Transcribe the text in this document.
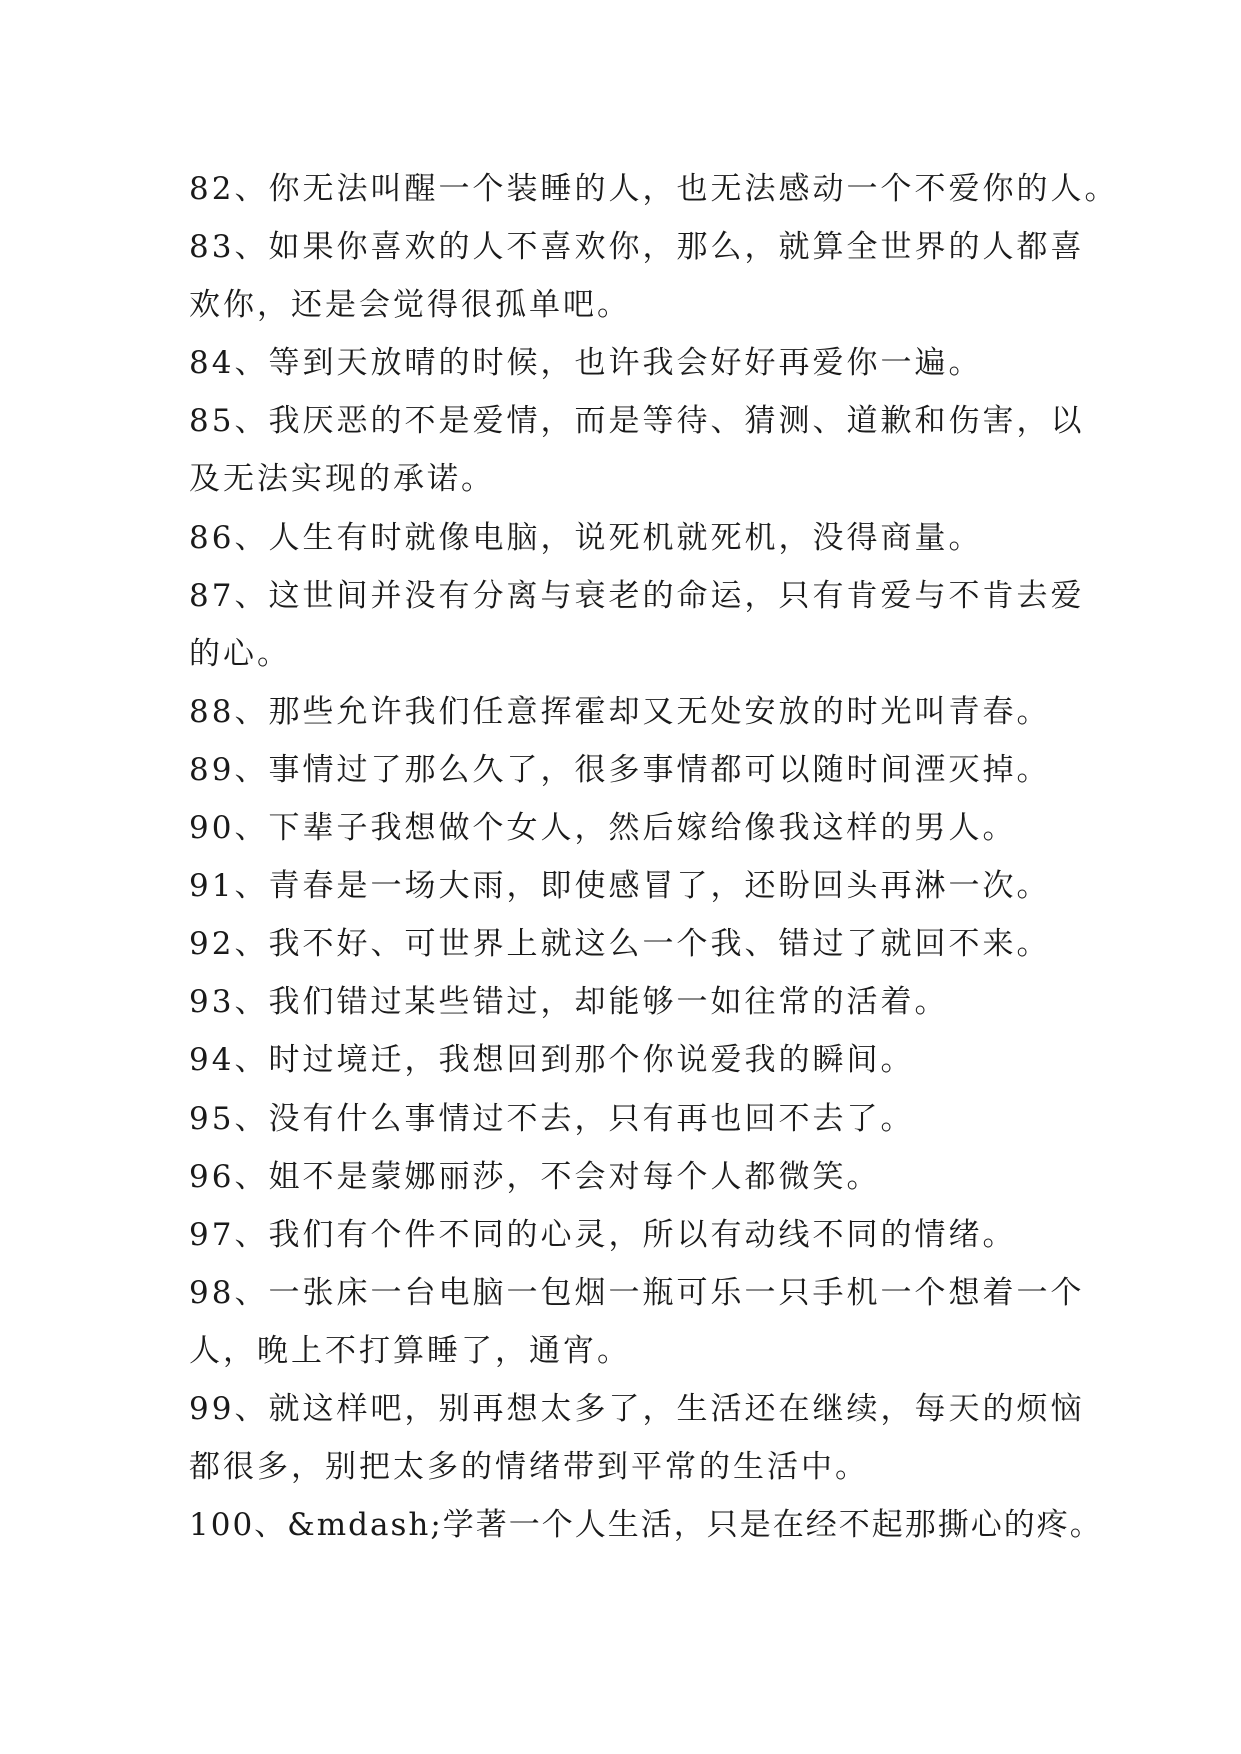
82、你无法叫醒一个装睡的人，也无法感动一个不爱你的人。
83、如果你喜欢的人不喜欢你，那么，就算全世界的人都喜
欢你，还是会觉得很孤单吧。
84、等到天放晴的时候，也许我会好好再爱你一遍。
85、我厌恶的不是爱情，而是等待、猜测、道歉和伤害，以
及无法实现的承诺。
86、人生有时就像电脑，说死机就死机，没得商量。
87、这世间并没有分离与衰老的命运，只有肯爱与不肯去爱
的心。
88、那些允许我们任意挥霍却又无处安放的时光叫青春。
89、事情过了那么久了，很多事情都可以随时间湮灭掉。
90、下辈子我想做个女人，然后嫁给像我这样的男人。
91、青春是一场大雨，即使感冒了，还盼回头再淋一次。
92、我不好、可世界上就这么一个我、错过了就回不来。
93、我们错过某些错过，却能够一如往常的活着。
94、时过境迁，我想回到那个你说爱我的瞬间。
95、没有什么事情过不去，只有再也回不去了。
96、姐不是蒙娜丽莎，不会对每个人都微笑。
97、我们有个件不同的心灵，所以有动线不同的情绪。
98、一张床一台电脑一包烟一瓶可乐一只手机一个想着一个
人，晚上不打算睡了，通宵。
99、就这样吧，别再想太多了，生活还在继续，每天的烦恼
都很多，别把太多的情绪带到平常的生活中。
100、&mdash;学著一个人生活，只是在经不起那撕心的疼。
